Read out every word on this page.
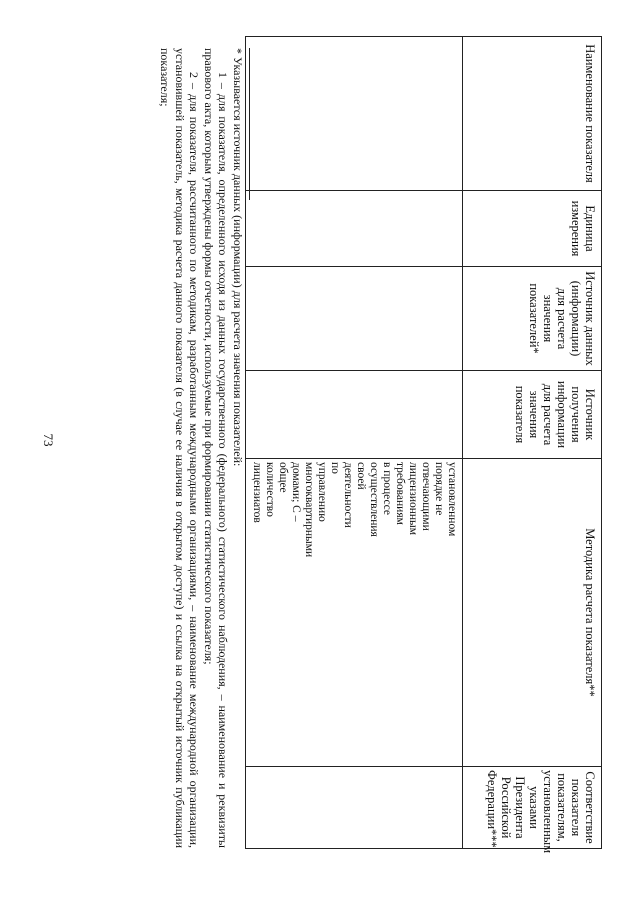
73
Наименование показателя	Единица измерения	Источник данных (информации) для расчета значения показателей*	Источник получения информации для расчета значения показателя	Методика расчета показателя**	Соответствие показателя показателям, установленным указами Президента Российской Федерации***

				установленном порядке не отвечающими лицензионным требованиям в процессе осуществления своей деятельности по управлению многоквартирными домами; С – общее количество лицензиатов	

* Указывается источник данных (информации) для расчета значения показателей:

1 – для показателя, определенного исходя из данных государственного (федерального) статистического наблюдения, – наименование и реквизиты правового акта, которым утверждены формы отчетности, используемые при формировании статистического показателя;

2 – для показателя, рассчитанного по методикам, разработанным международными организациями, – наименование международной организации, установившей показатель, методика расчета данного показателя (в случае ее наличия в открытом доступе) и ссылка на открытый источник публикации показателя;
